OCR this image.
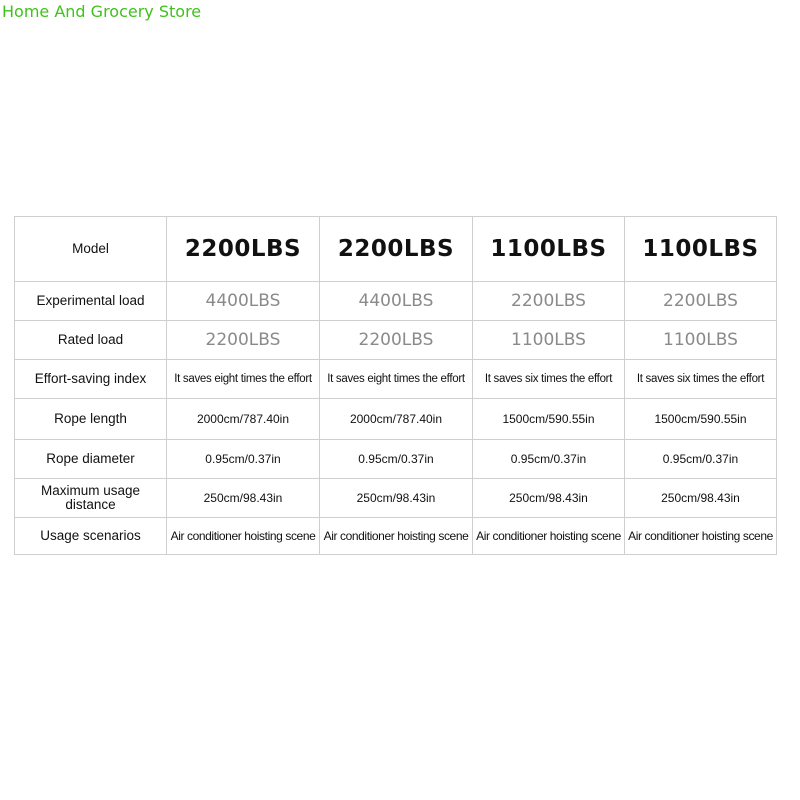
Home And Grocery Store
Model	2200LBS	2200LBS	1100LBS	1100LBS
Experimental load	4400LBS	4400LBS	2200LBS	2200LBS
Rated load	2200LBS	2200LBS	1100LBS	1100LBS
Effort-saving index	It saves eight times the effort	It saves eight times the effort	It saves six times the effort	It saves six times the effort
Rope length	2000cm/787.40in	2000cm/787.40in	1500cm/590.55in	1500cm/590.55in
Rope diameter	0.95cm/0.37in	0.95cm/0.37in	0.95cm/0.37in	0.95cm/0.37in
Maximum usage
distance	250cm/98.43in	250cm/98.43in	250cm/98.43in	250cm/98.43in
Usage scenarios	Air conditioner hoisting scene	Air conditioner hoisting scene	Air conditioner hoisting scene	Air conditioner hoisting scene
